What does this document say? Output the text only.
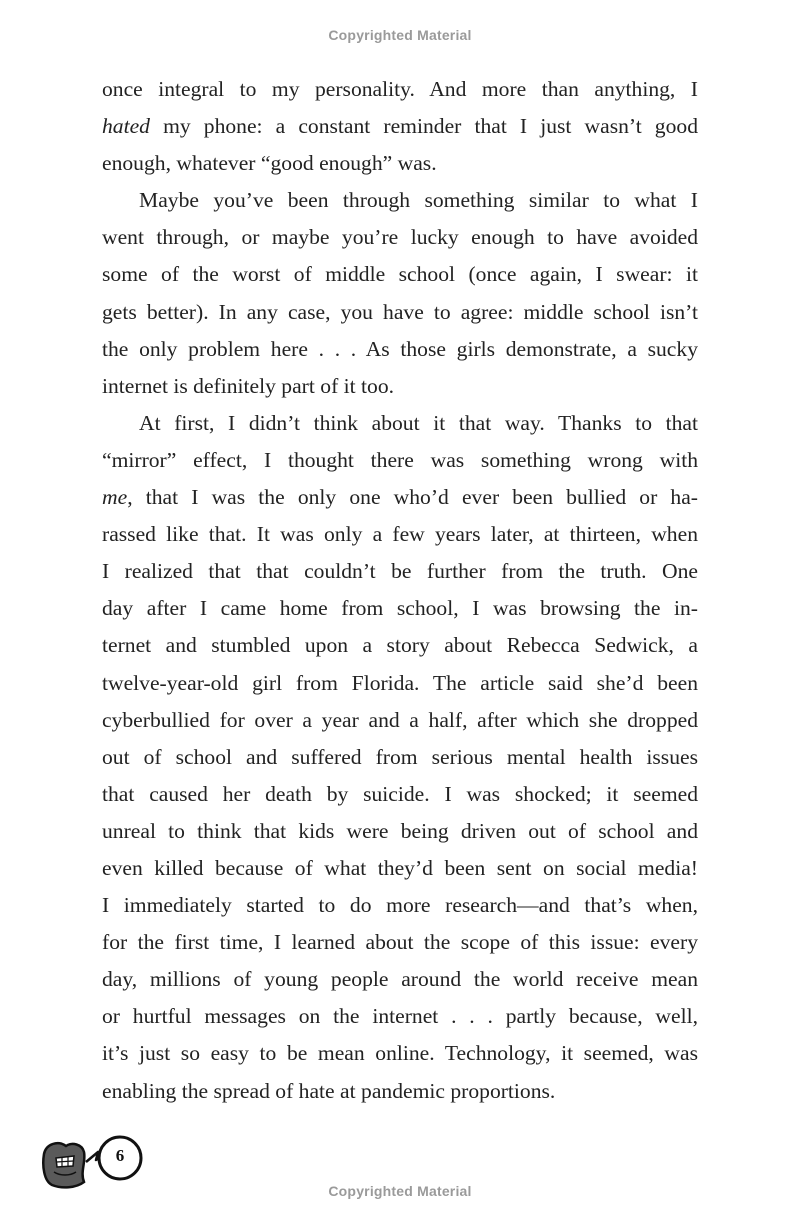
Copyrighted Material
once integral to my personality. And more than anything, I
hated my phone: a constant reminder that I just wasn’t good
enough, whatever “good enough” was.
Maybe you’ve been through something similar to what I
went through, or maybe you’re lucky enough to have avoided
some of the worst of middle school (once again, I swear: it
gets better). In any case, you have to agree: middle school isn’t
the only problem here . . . As those girls demonstrate, a sucky
internet is definitely part of it too.
At first, I didn’t think about it that way. Thanks to that
“mirror” effect, I thought there was something wrong with
me, that I was the only one who’d ever been bullied or ha-
rassed like that. It was only a few years later, at thirteen, when
I realized that that couldn’t be further from the truth. One
day after I came home from school, I was browsing the in-
ternet and stumbled upon a story about Rebecca Sedwick, a
twelve-year-old girl from Florida. The article said she’d been
cyberbullied for over a year and a half, after which she dropped
out of school and suffered from serious mental health issues
that caused her death by suicide. I was shocked; it seemed
unreal to think that kids were being driven out of school and
even killed because of what they’d been sent on social media!
I immediately started to do more research—and that’s when,
for the first time, I learned about the scope of this issue: every
day, millions of young people around the world receive mean
or hurtful messages on the internet . . . partly because, well,
it’s just so easy to be mean online. Technology, it seemed, was
enabling the spread of hate at pandemic proportions.
6
Copyrighted Material
